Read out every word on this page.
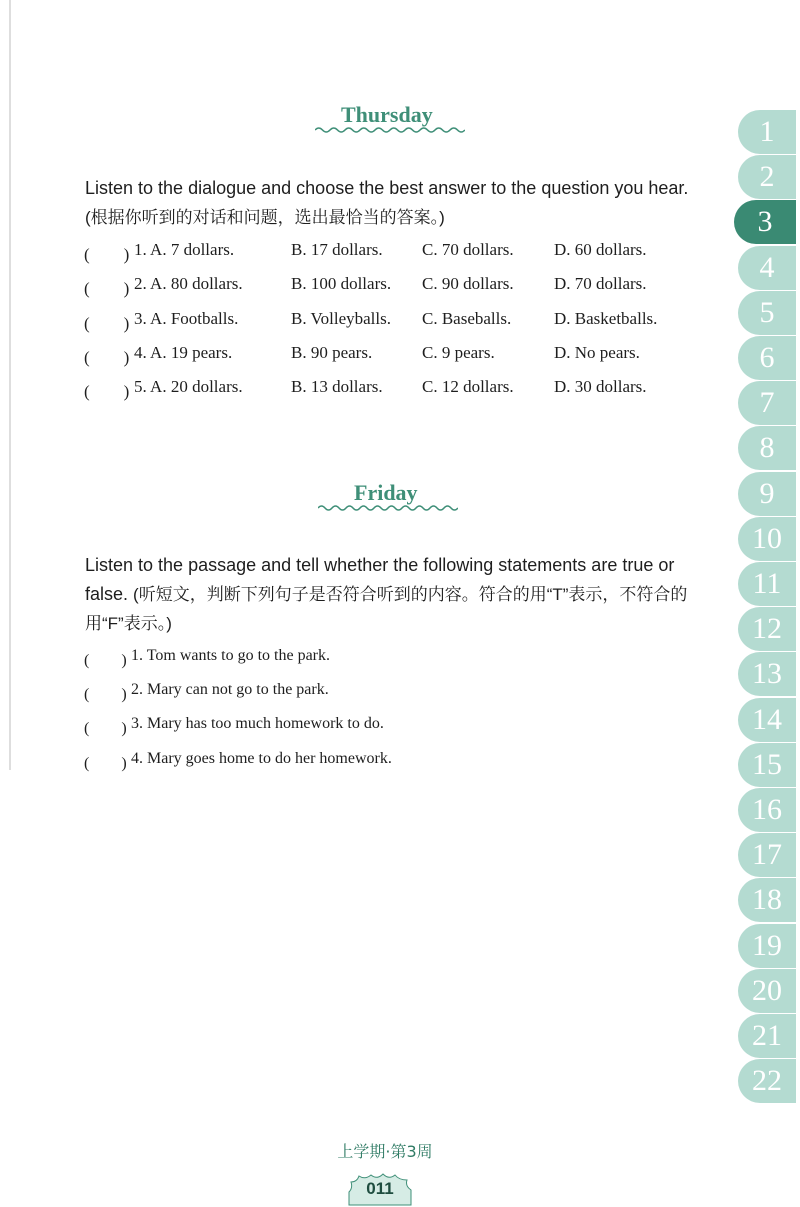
Thursday
Listen to the dialogue and choose the best answer to the question you hear. (根据你听到的对话和问题，选出最恰当的答案。)
(　　) 1. A. 7 dollars.	B. 17 dollars. C. 70 dollars. D. 60 dollars.
(　　) 2. A. 80 dollars.	B. 100 dollars. C. 90 dollars. D. 70 dollars.
(　　) 3. A. Footballs.	B. Volleyballs. C. Baseballs.	D. Basketballs.
(　　) 4. A. 19 pears.	B. 90 pears.	C. 9 pears.	D. No pears.
(　　) 5. A. 20 dollars.	B. 13 dollars. C. 12 dollars. D. 30 dollars.
Friday
Listen to the passage and tell whether the following statements are true or false. (听短文，判断下列句子是否符合听到的内容。符合的用“T”表示，不符合的用“F”表示。)
(　　) 1. Tom wants to go to the park.
(　　) 2. Mary can not go to the park.
(　　) 3. Mary has too much homework to do.
(　　) 4. Mary goes home to do her homework.
1
2
3
4
5
6
7
8
9
10
11
12
13
14
15
16
17
18
19
20
21
22
上学期·第3周
011
